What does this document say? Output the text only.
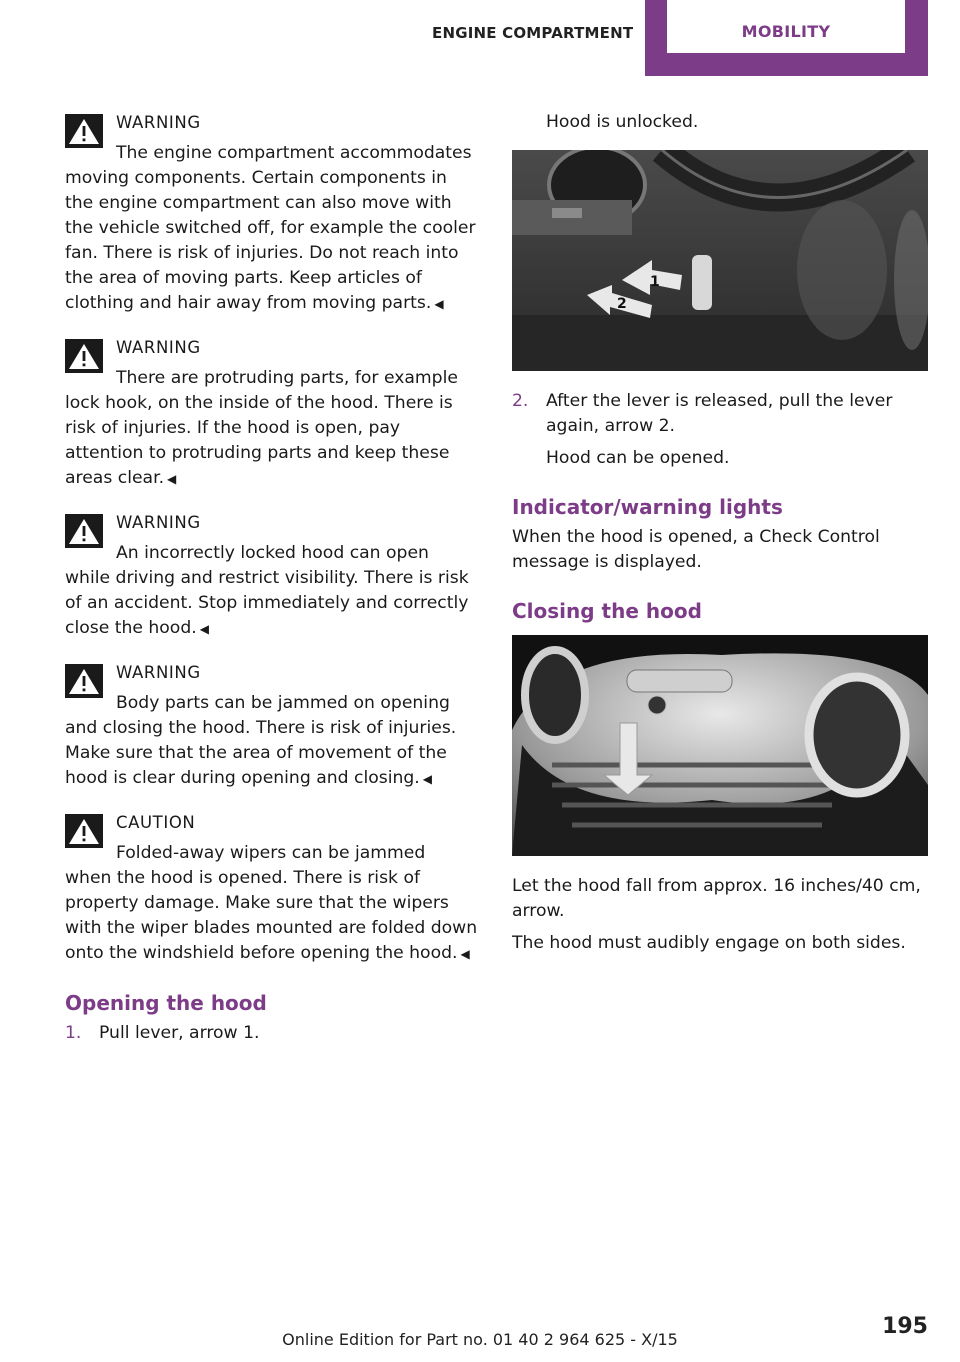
ENGINE COMPARTMENT	MOBILITY
WARNING
The engine compartment accommodates
moving components. Certain components in the engine compartment can also move with the vehicle switched off, for example the cooler fan. There is risk of injuries. Do not reach into the area of moving parts. Keep articles of clothing and hair away from moving parts. ◀
WARNING
There are protruding parts, for example
lock hook, on the inside of the hood. There is risk of injuries. If the hood is open, pay attention to protruding parts and keep these areas clear. ◀
WARNING
An incorrectly locked hood can open
while driving and restrict visibility. There is risk of an accident. Stop immediately and correctly close the hood. ◀
WARNING
Body parts can be jammed on opening
and closing the hood. There is risk of injuries. Make sure that the area of movement of the hood is clear during opening and closing. ◀
CAUTION
Folded-away wipers can be jammed
when the hood is opened. There is risk of property damage. Make sure that the wipers with the wiper blades mounted are folded down onto the windshield before opening the hood. ◀
Opening the hood
1. Pull lever, arrow 1.
Hood is unlocked.
1
2
2. After the lever is released, pull the lever again, arrow 2.
Hood can be opened.
Indicator/warning lights
When the hood is opened, a Check Control message is displayed.
Closing the hood
Let the hood fall from approx. 16 inches/40 cm, arrow.
The hood must audibly engage on both sides.
195
Online Edition for Part no. 01 40 2 964 625 - X/15
